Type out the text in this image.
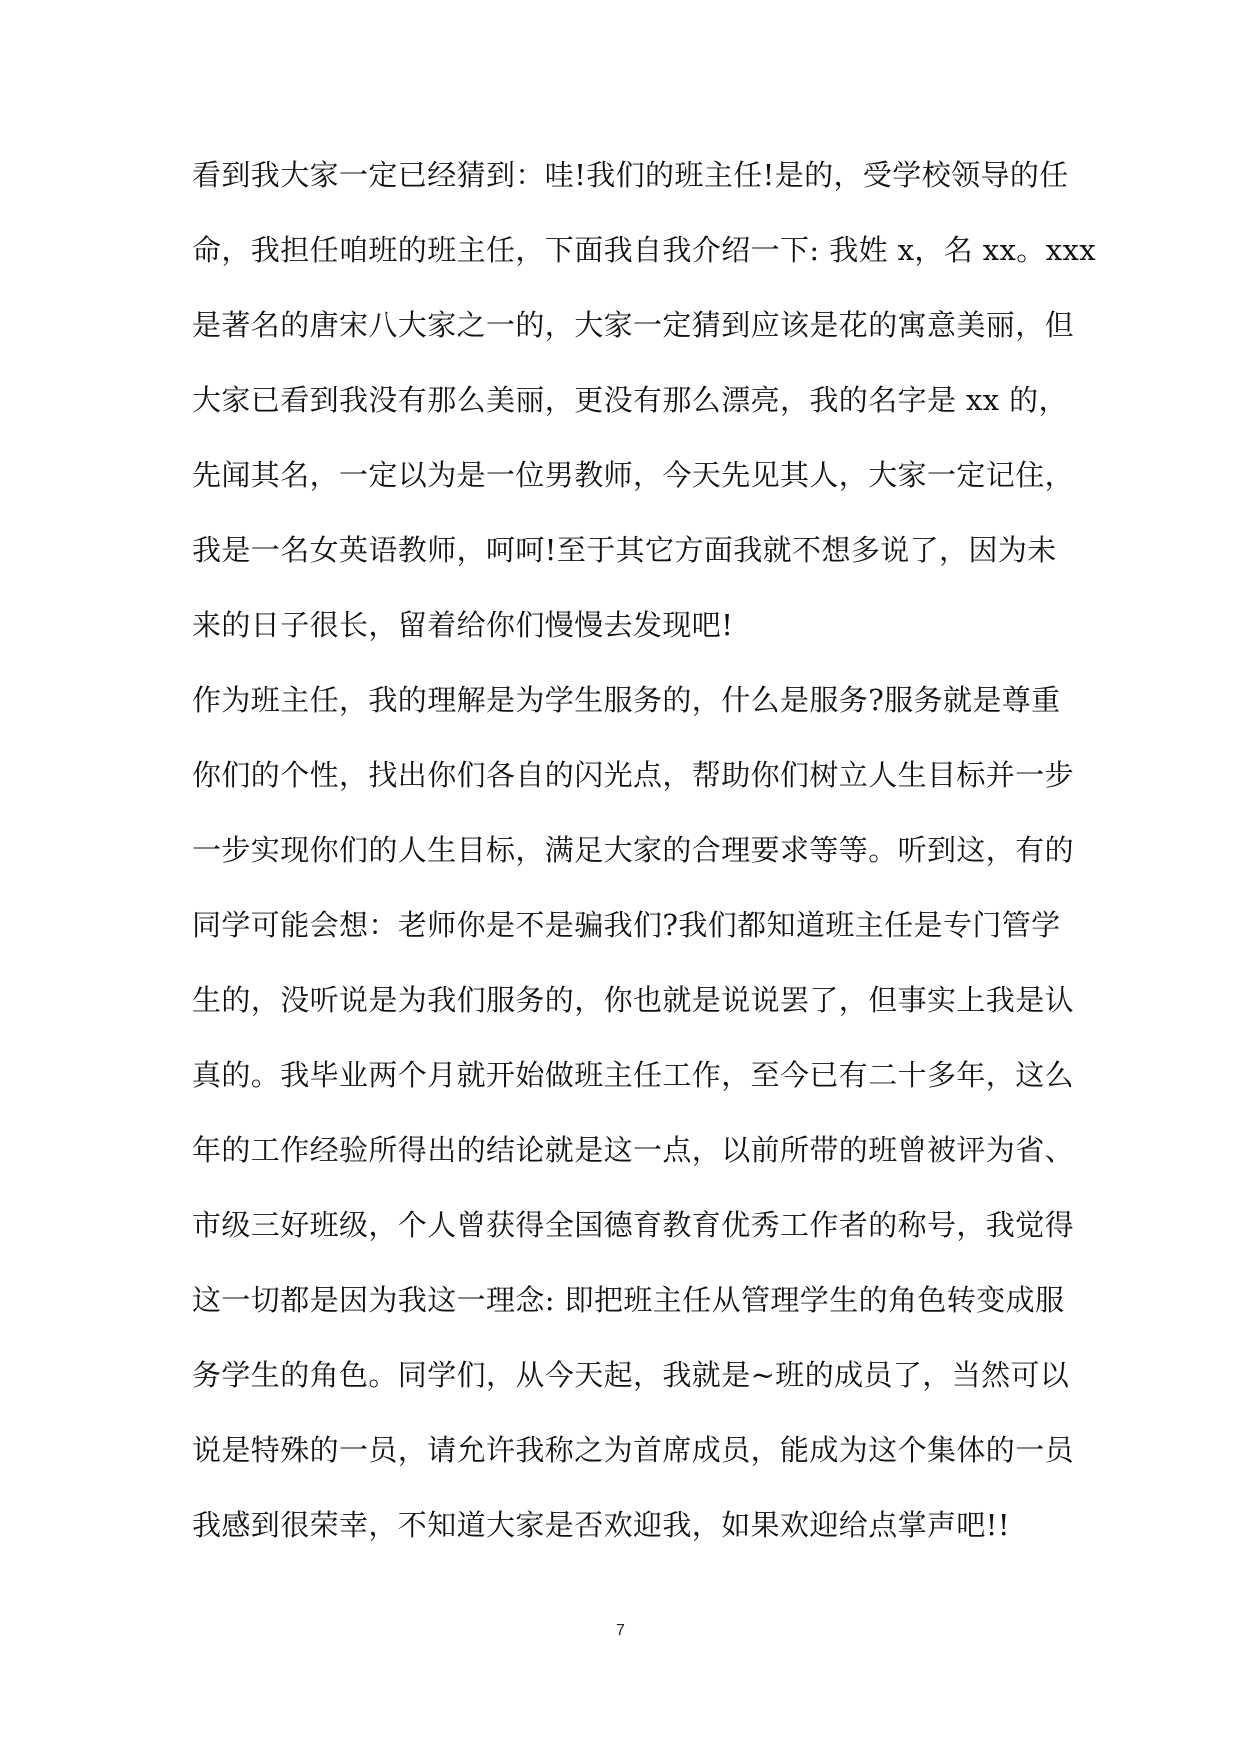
看到我大家一定已经猜到：哇!我们的班主任!是的，受学校领导的任
命，我担任咱班的班主任，下面我自我介绍一下: 我姓 x，名 xx。xxx
是著名的唐宋八大家之一的，大家一定猜到应该是花的寓意美丽，但
大家已看到我没有那么美丽，更没有那么漂亮，我的名字是 xx 的，
先闻其名，一定以为是一位男教师，今天先见其人，大家一定记住，
我是一名女英语教师，呵呵!至于其它方面我就不想多说了，因为未
来的日子很长，留着给你们慢慢去发现吧!
作为班主任，我的理解是为学生服务的，什么是服务?服务就是尊重
你们的个性，找出你们各自的闪光点，帮助你们树立人生目标并一步
一步实现你们的人生目标，满足大家的合理要求等等。听到这，有的
同学可能会想：老师你是不是骗我们?我们都知道班主任是专门管学
生的，没听说是为我们服务的，你也就是说说罢了，但事实上我是认
真的。我毕业两个月就开始做班主任工作，至今已有二十多年，这么
年的工作经验所得出的结论就是这一点，以前所带的班曾被评为省、
市级三好班级，个人曾获得全国德育教育优秀工作者的称号，我觉得
这一切都是因为我这一理念: 即把班主任从管理学生的角色转变成服
务学生的角色。同学们，从今天起，我就是~班的成员了，当然可以
说是特殊的一员，请允许我称之为首席成员，能成为这个集体的一员
我感到很荣幸，不知道大家是否欢迎我，如果欢迎给点掌声吧!!
7
